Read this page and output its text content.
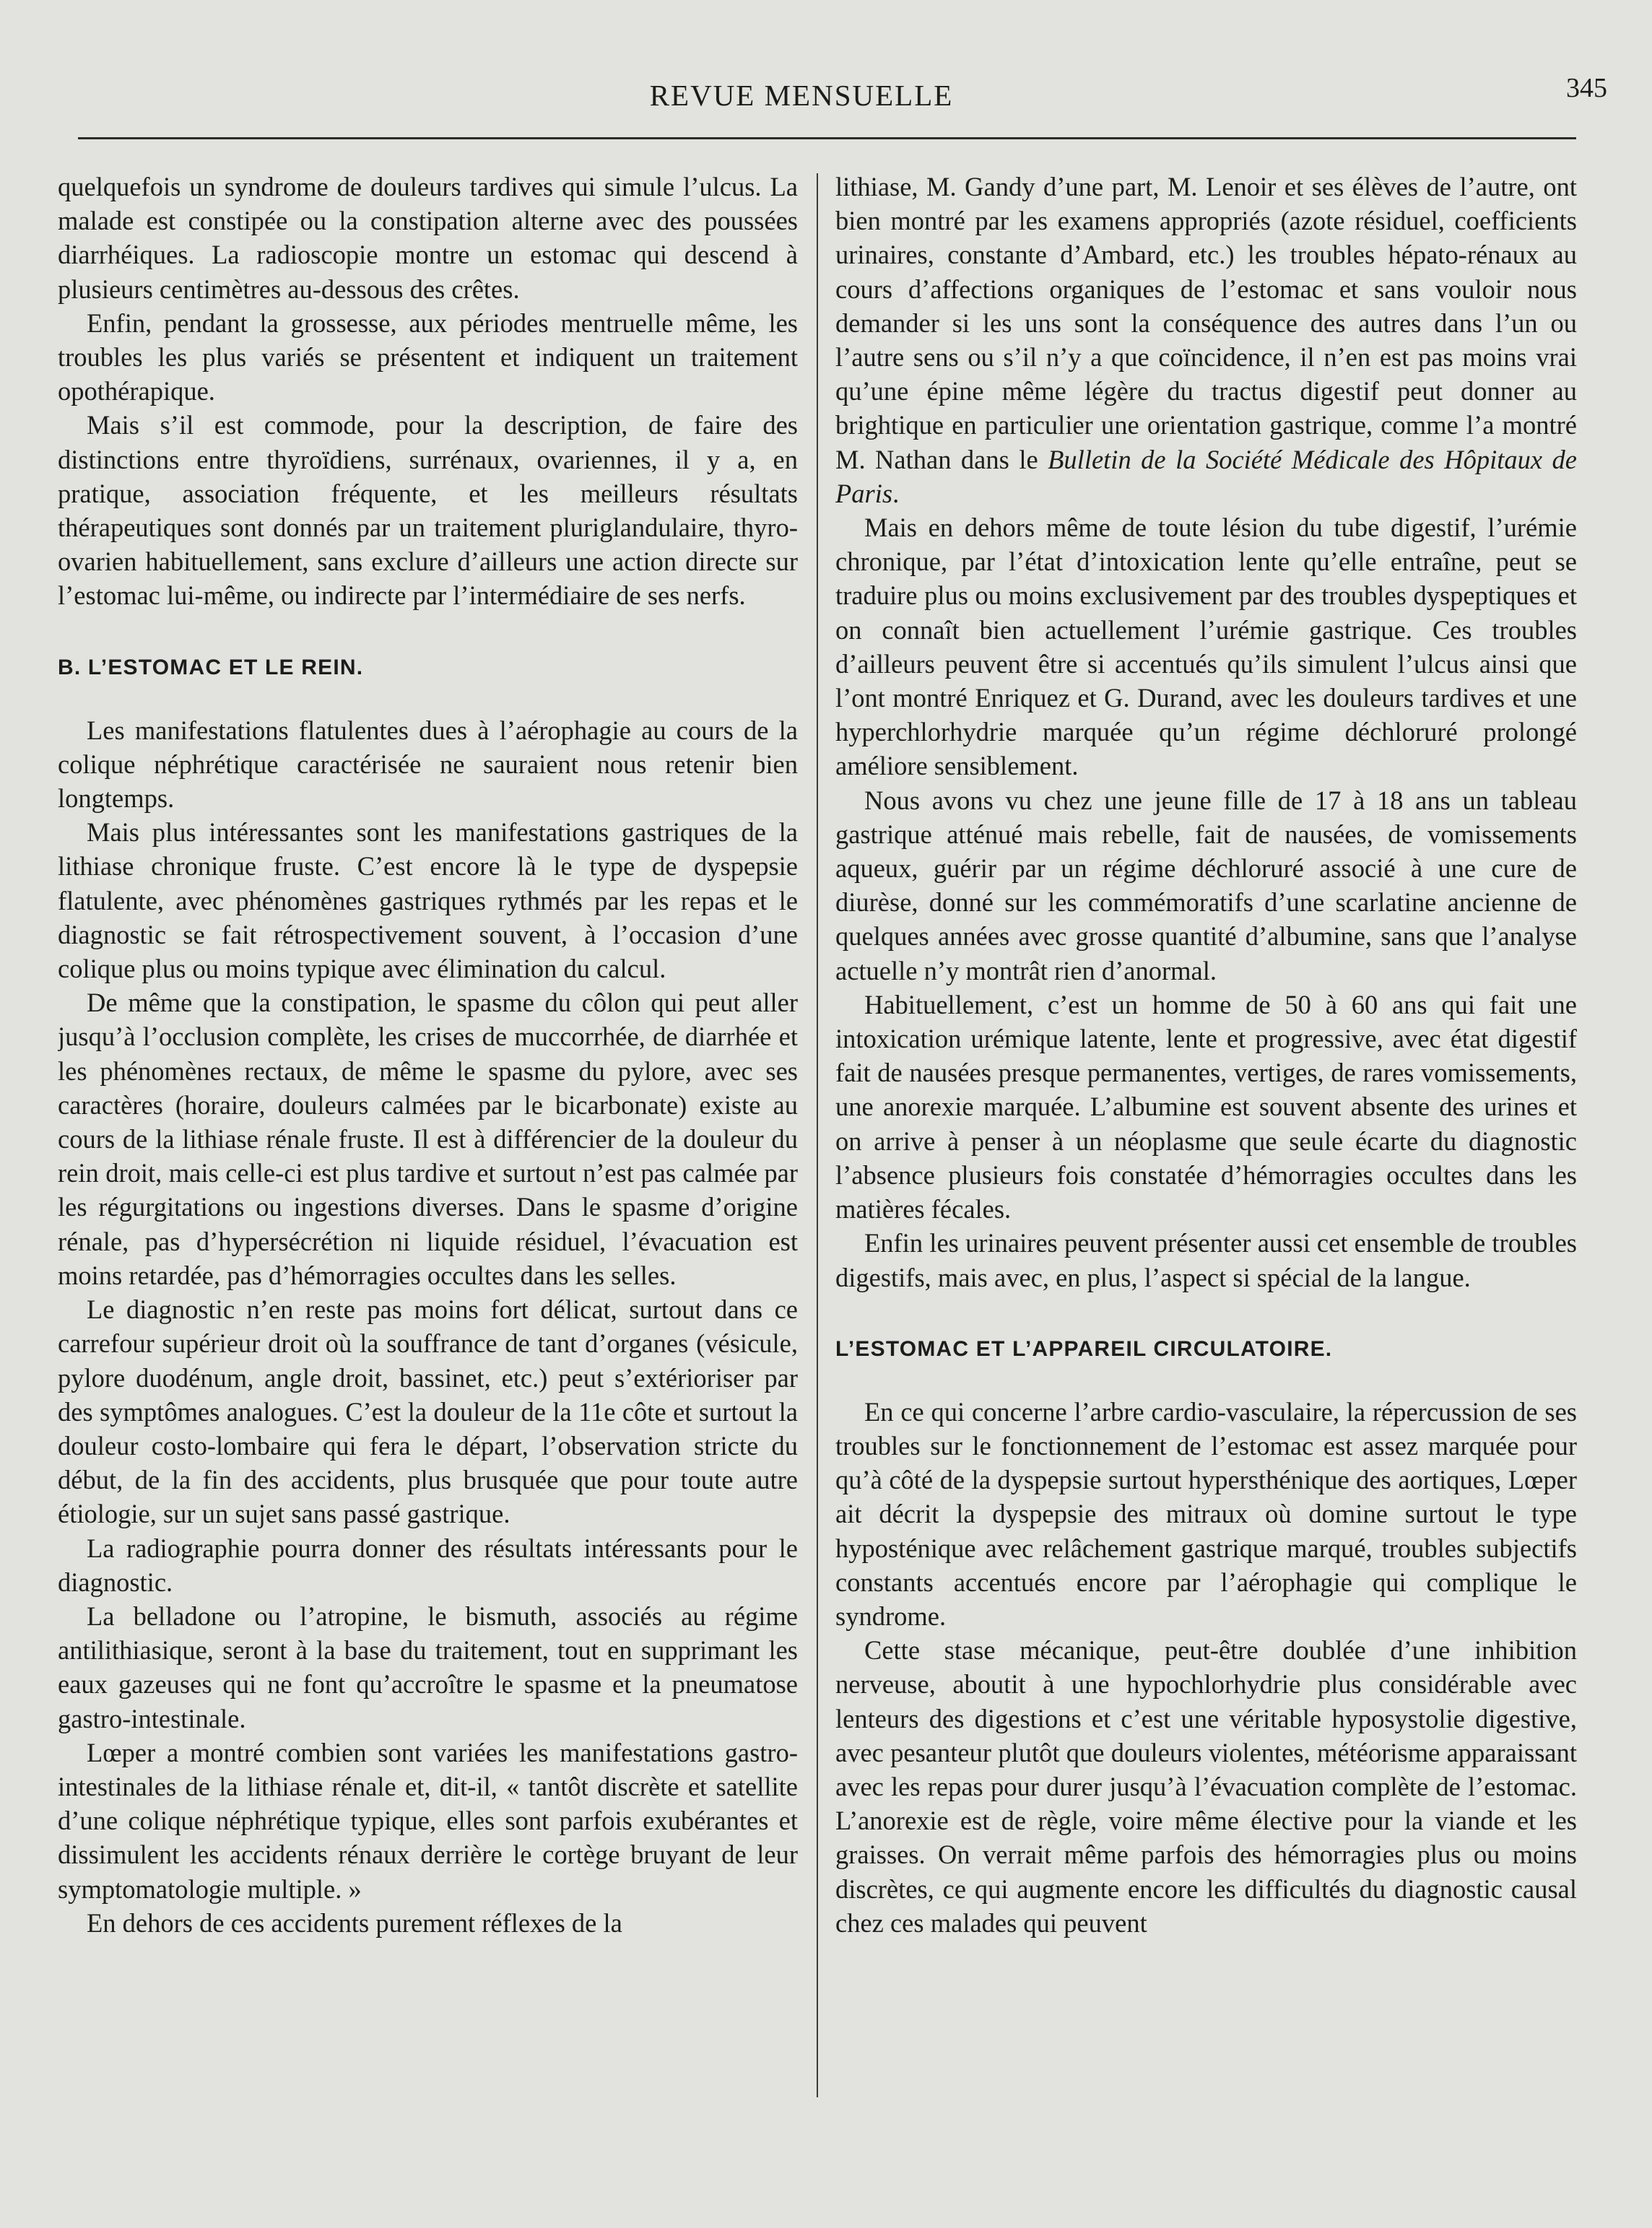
REVUE MENSUELLE	345

quelquefois un syndrome de douleurs tardives qui simule l’ulcus. La malade est constipée ou la constipation alterne avec des poussées diarrhéiques. La radioscopie montre un estomac qui descend à plusieurs centimètres au-dessous des crêtes.

Enfin, pendant la grossesse, aux périodes mentruelle même, les troubles les plus variés se présentent et indiquent un traitement opothérapique.

Mais s’il est commode, pour la description, de faire des distinctions entre thyroïdiens, surrénaux, ovariennes, il y a, en pratique, association fréquente, et les meilleurs résultats thérapeutiques sont donnés par un traitement pluriglandulaire, thyro-ovarien habituellement, sans exclure d’ailleurs une action directe sur l’estomac lui-même, ou indirecte par l’intermédiaire de ses nerfs.

B. L’ESTOMAC ET LE REIN.

Les manifestations flatulentes dues à l’aérophagie au cours de la colique néphrétique caractérisée ne sauraient nous retenir bien longtemps.

Mais plus intéressantes sont les manifestations gastriques de la lithiase chronique fruste. C’est encore là le type de dyspepsie flatulente, avec phénomènes gastriques rythmés par les repas et le diagnostic se fait rétrospectivement souvent, à l’occasion d’une colique plus ou moins typique avec élimination du calcul.

De même que la constipation, le spasme du côlon qui peut aller jusqu’à l’occlusion complète, les crises de muccorrhée, de diarrhée et les phénomènes rectaux, de même le spasme du pylore, avec ses caractères (horaire, douleurs calmées par le bicarbonate) existe au cours de la lithiase rénale fruste. Il est à différencier de la douleur du rein droit, mais celle-ci est plus tardive et surtout n’est pas calmée par les régurgitations ou ingestions diverses. Dans le spasme d’origine rénale, pas d’hypersécrétion ni liquide résiduel, l’évacuation est moins retardée, pas d’hémorragies occultes dans les selles.

Le diagnostic n’en reste pas moins fort délicat, surtout dans ce carrefour supérieur droit où la souffrance de tant d’organes (vésicule, pylore duodénum, angle droit, bassinet, etc.) peut s’extérioriser par des symptômes analogues. C’est la douleur de la 11e côte et surtout la douleur costo-lombaire qui fera le départ, l’observation stricte du début, de la fin des accidents, plus brusquée que pour toute autre étiologie, sur un sujet sans passé gastrique.

La radiographie pourra donner des résultats intéressants pour le diagnostic.

La belladone ou l’atropine, le bismuth, associés au régime antilithiasique, seront à la base du traitement, tout en supprimant les eaux gazeuses qui ne font qu’accroître le spasme et la pneumatose gastro-intestinale.

Lœper a montré combien sont variées les manifestations gastro-intestinales de la lithiase rénale et, dit-il, « tantôt discrète et satellite d’une colique néphrétique typique, elles sont parfois exubérantes et dissimulent les accidents rénaux derrière le cortège bruyant de leur symptomatologie multiple. »

En dehors de ces accidents purement réflexes de la

lithiase, M. Gandy d’une part, M. Lenoir et ses élèves de l’autre, ont bien montré par les examens appropriés (azote résiduel, coefficients urinaires, constante d’Ambard, etc.) les troubles hépato-rénaux au cours d’affections organiques de l’estomac et sans vouloir nous demander si les uns sont la conséquence des autres dans l’un ou l’autre sens ou s’il n’y a que coïncidence, il n’en est pas moins vrai qu’une épine même légère du tractus digestif peut donner au brightique en particulier une orientation gastrique, comme l’a montré M. Nathan dans le Bulletin de la Société Médicale des Hôpitaux de Paris.

Mais en dehors même de toute lésion du tube digestif, l’urémie chronique, par l’état d’intoxication lente qu’elle entraîne, peut se traduire plus ou moins exclusivement par des troubles dyspeptiques et on connaît bien actuellement l’urémie gastrique. Ces troubles d’ailleurs peuvent être si accentués qu’ils simulent l’ulcus ainsi que l’ont montré Enriquez et G. Durand, avec les douleurs tardives et une hyperchlorhydrie marquée qu’un régime déchloruré prolongé améliore sensiblement.

Nous avons vu chez une jeune fille de 17 à 18 ans un tableau gastrique atténué mais rebelle, fait de nausées, de vomissements aqueux, guérir par un régime déchloruré associé à une cure de diurèse, donné sur les commémoratifs d’une scarlatine ancienne de quelques années avec grosse quantité d’albumine, sans que l’analyse actuelle n’y montrât rien d’anormal.

Habituellement, c’est un homme de 50 à 60 ans qui fait une intoxication urémique latente, lente et progressive, avec état digestif fait de nausées presque permanentes, vertiges, de rares vomissements, une anorexie marquée. L’albumine est souvent absente des urines et on arrive à penser à un néoplasme que seule écarte du diagnostic l’absence plusieurs fois constatée d’hémorragies occultes dans les matières fécales.

Enfin les urinaires peuvent présenter aussi cet ensemble de troubles digestifs, mais avec, en plus, l’aspect si spécial de la langue.

L’ESTOMAC ET L’APPAREIL CIRCULATOIRE.

En ce qui concerne l’arbre cardio-vasculaire, la répercussion de ses troubles sur le fonctionnement de l’estomac est assez marquée pour qu’à côté de la dyspepsie surtout hypersthénique des aortiques, Lœper ait décrit la dyspepsie des mitraux où domine surtout le type hyposténique avec relâchement gastrique marqué, troubles subjectifs constants accentués encore par l’aérophagie qui complique le syndrome.

Cette stase mécanique, peut-être doublée d’une inhibition nerveuse, aboutit à une hypochlorhydrie plus considérable avec lenteurs des digestions et c’est une véritable hyposystolie digestive, avec pesanteur plutôt que douleurs violentes, météorisme apparaissant avec les repas pour durer jusqu’à l’évacuation complète de l’estomac. L’anorexie est de règle, voire même élective pour la viande et les graisses. On verrait même parfois des hémorragies plus ou moins discrètes, ce qui augmente encore les difficultés du diagnostic causal chez ces malades qui peuvent
